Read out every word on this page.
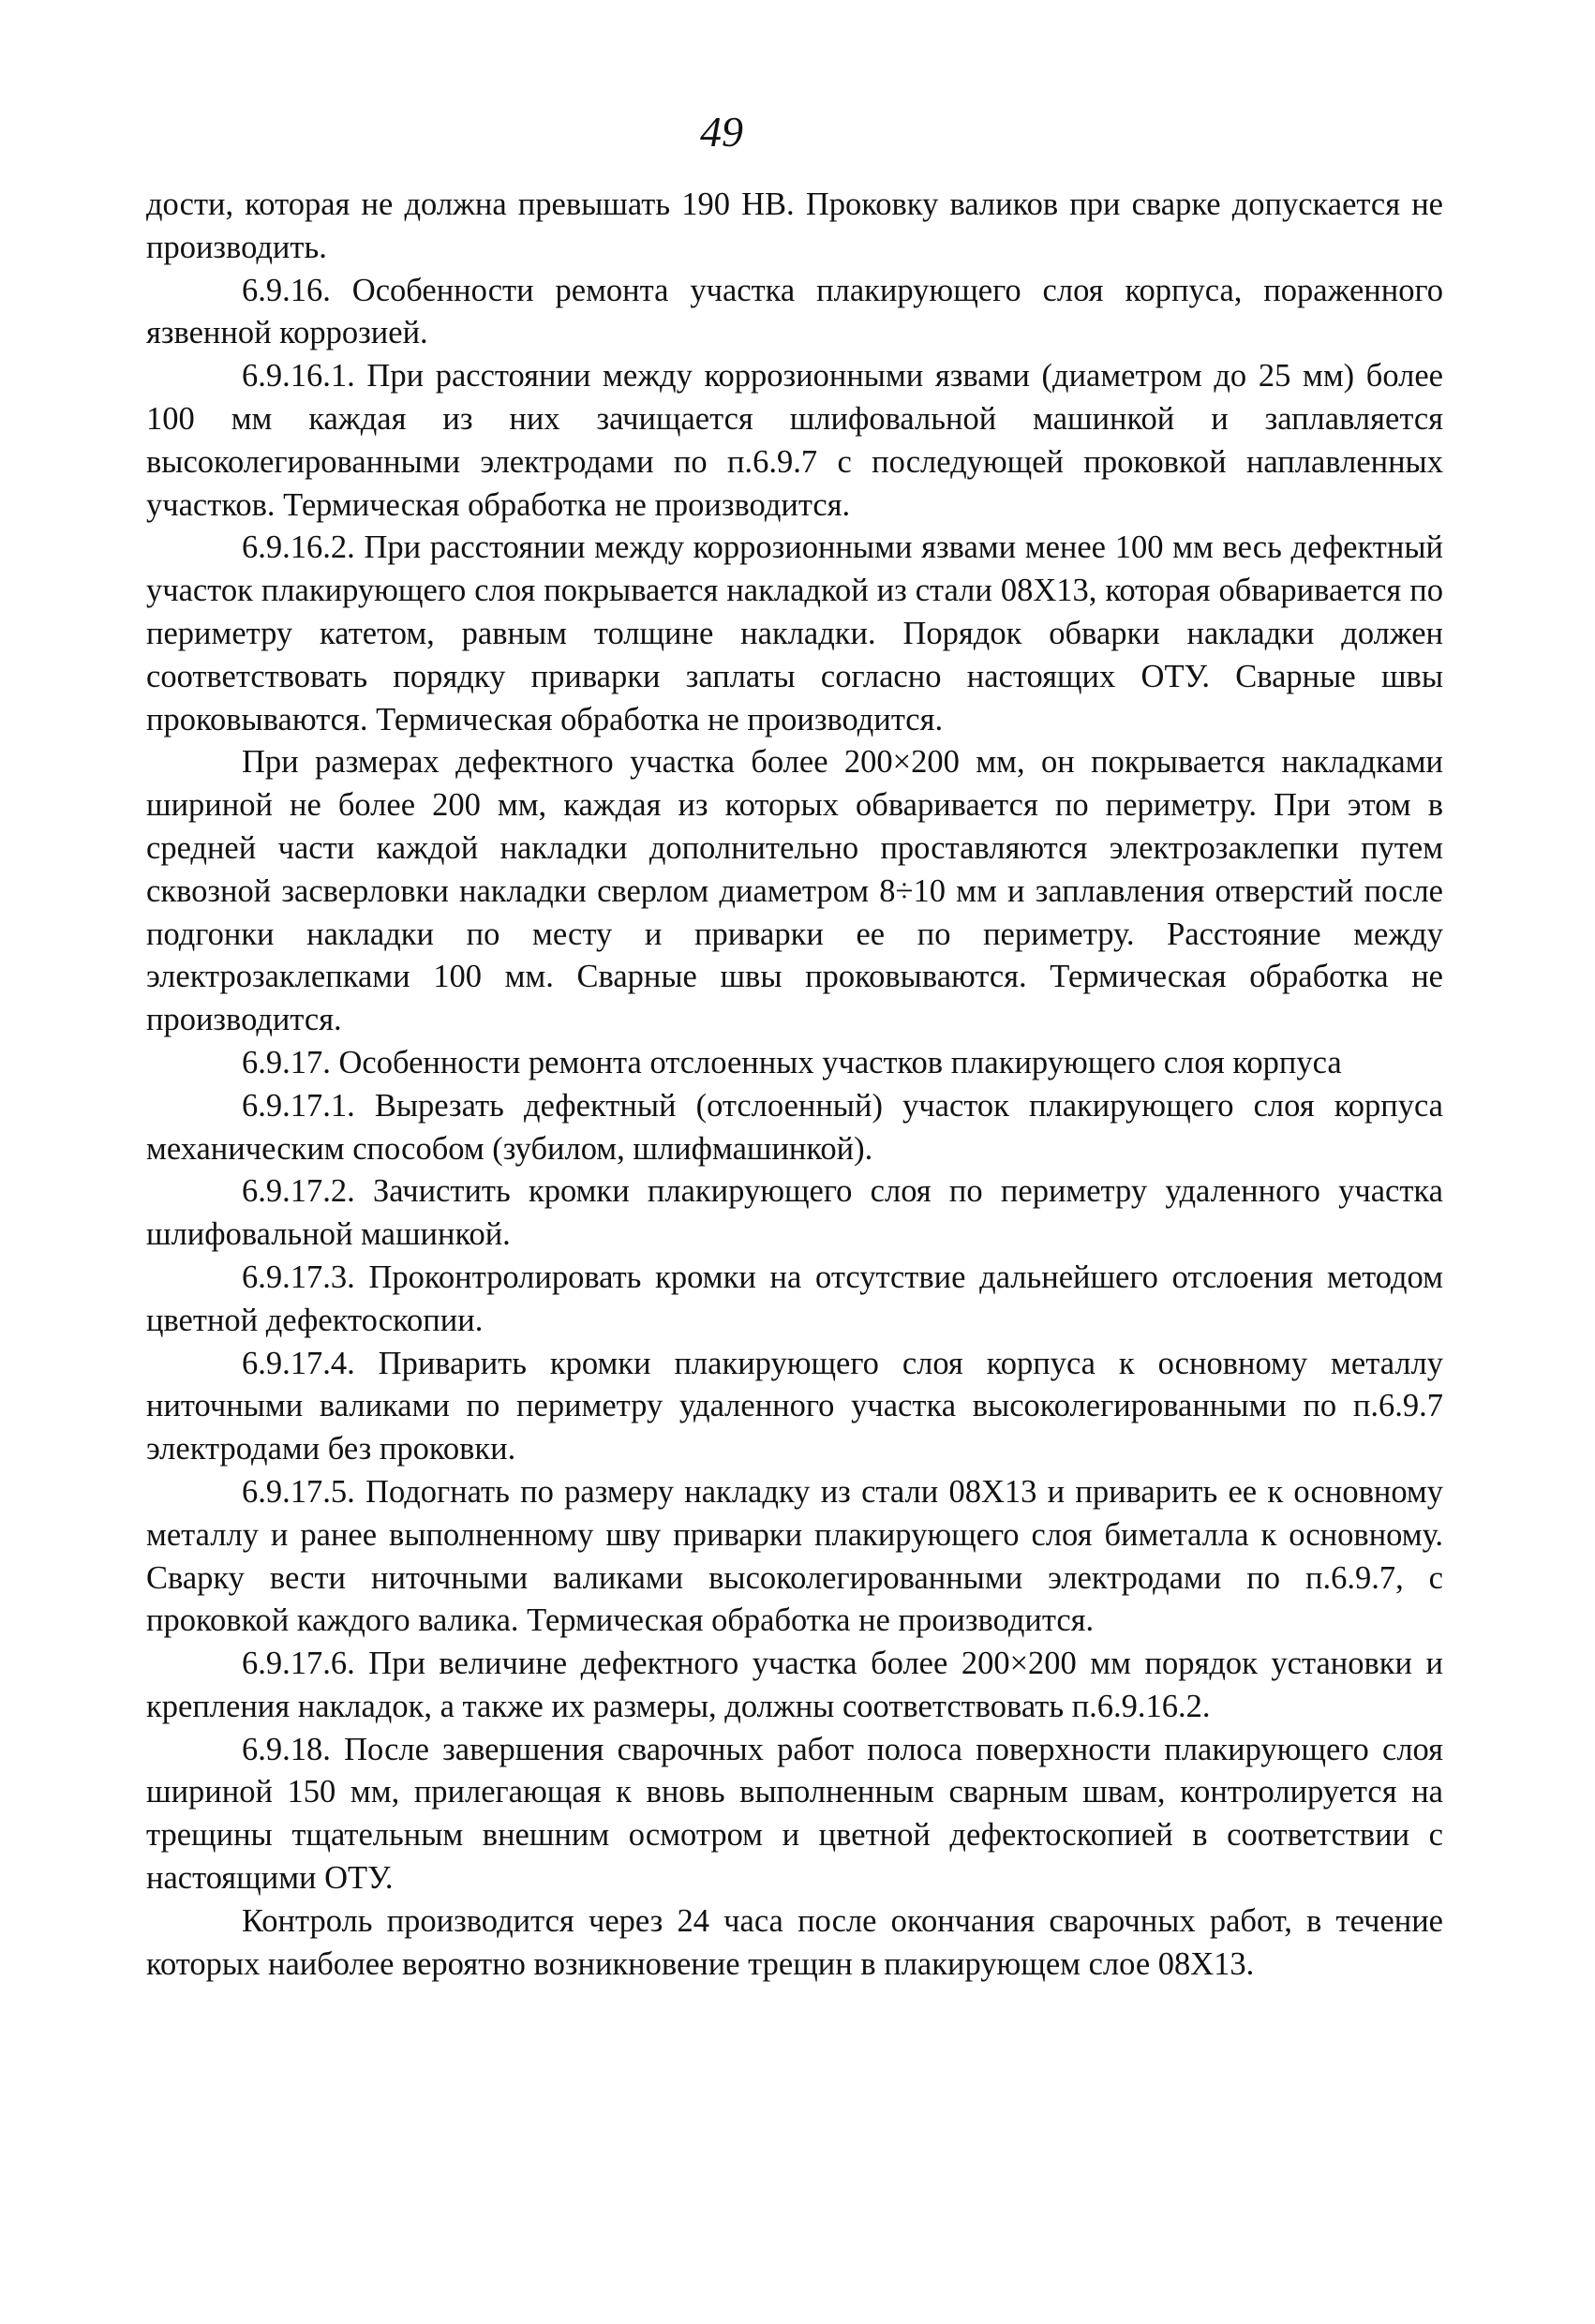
49

дости, которая не должна превышать 190 НВ. Проковку валиков при сварке допускается не производить.

6.9.16. Особенности ремонта участка плакирующего слоя корпуса, пораженного язвенной коррозией.

6.9.16.1. При расстоянии между коррозионными язвами (диаметром до 25 мм) более 100 мм каждая из них зачищается шлифовальной машинкой и заплавляется высоколегированными электродами по п.6.9.7 с последующей проковкой наплавленных участков. Термическая обработка не производится.

6.9.16.2. При расстоянии между коррозионными язвами менее 100 мм весь дефектный участок плакирующего слоя покрывается накладкой из стали 08Х13, которая обваривается по периметру катетом, равным толщине накладки. Порядок обварки накладки должен соответствовать порядку приварки заплаты согласно настоящих ОТУ. Сварные швы проковываются. Термическая обработка не производится.

При размерах дефектного участка более 200×200 мм, он покрывается накладками шириной не более 200 мм, каждая из которых обваривается по периметру. При этом в средней части каждой накладки дополнительно проставляются электрозаклепки путем сквозной засверловки накладки сверлом диаметром 8÷10 мм и заплавления отверстий после подгонки накладки по месту и приварки ее по периметру. Расстояние между электрозаклепками 100 мм. Сварные швы проковываются. Термическая обработка не производится.

6.9.17. Особенности ремонта отслоенных участков плакирующего слоя корпуса

6.9.17.1. Вырезать дефектный (отслоенный) участок плакирующего слоя корпуса механическим способом (зубилом, шлифмашинкой).

6.9.17.2. Зачистить кромки плакирующего слоя по периметру удаленного участка шлифовальной машинкой.

6.9.17.3. Проконтролировать кромки на отсутствие дальнейшего отслоения методом цветной дефектоскопии.

6.9.17.4. Приварить кромки плакирующего слоя корпуса к основному металлу ниточными валиками по периметру удаленного участка высоколегированными по п.6.9.7 электродами без проковки.

6.9.17.5. Подогнать по размеру накладку из стали 08Х13 и приварить ее к основному металлу и ранее выполненному шву приварки плакирующего слоя биметалла к основному. Сварку вести ниточными валиками высоколегированными электродами по п.6.9.7, с проковкой каждого валика. Термическая обработка не производится.

6.9.17.6. При величине дефектного участка более 200×200 мм порядок установки и крепления накладок, а также их размеры, должны соответствовать п.6.9.16.2.

6.9.18. После завершения сварочных работ полоса поверхности плакирующего слоя шириной 150 мм, прилегающая к вновь выполненным сварным швам, контролируется на трещины тщательным внешним осмотром и цветной дефектоскопией в соответствии с настоящими ОТУ.

Контроль производится через 24 часа после окончания сварочных работ, в течение которых наиболее вероятно возникновение трещин в плакирующем слое 08Х13.
